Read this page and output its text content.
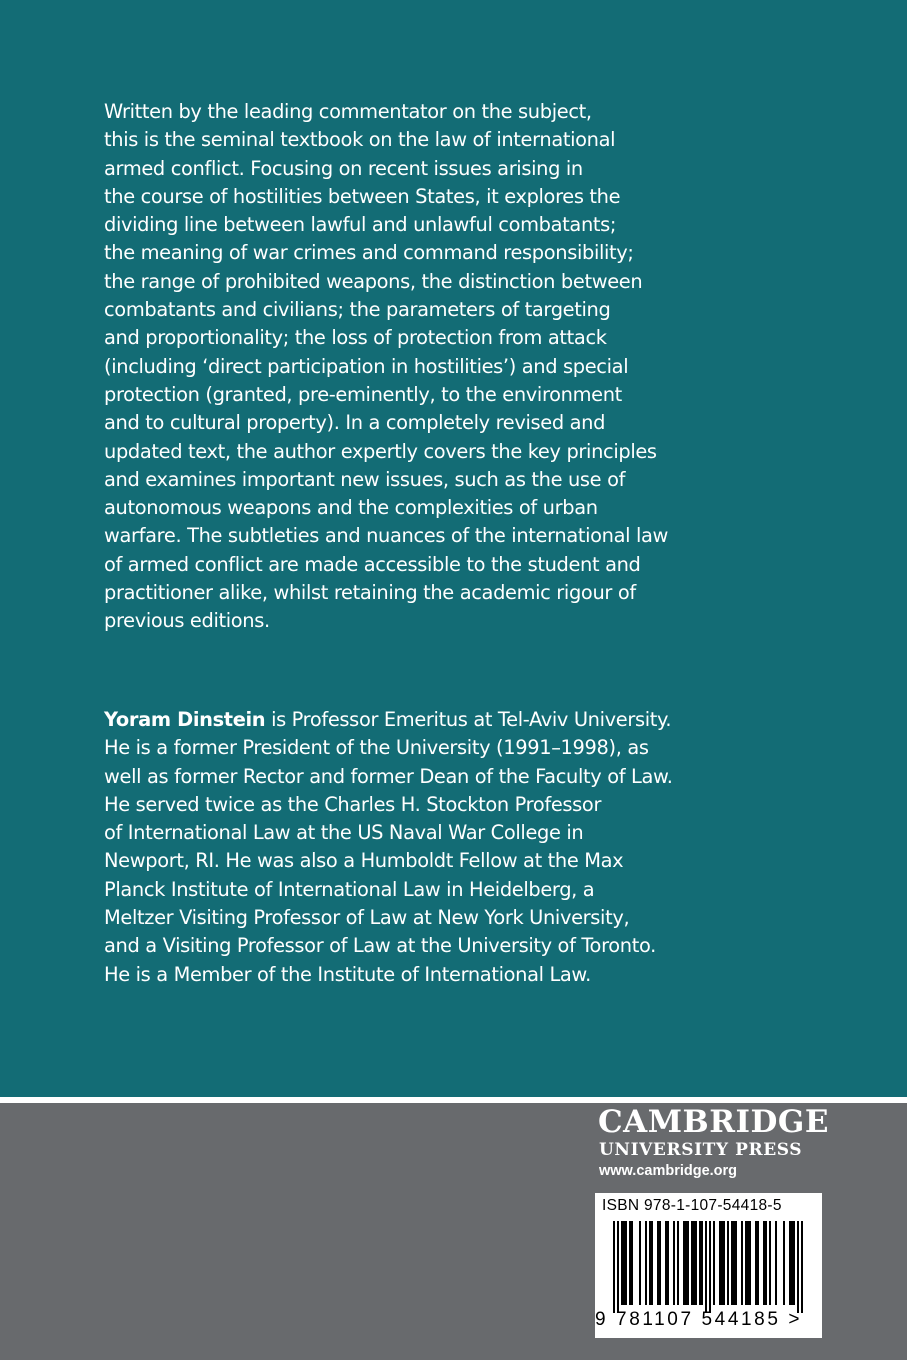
Written by the leading commentator on the subject,
this is the seminal textbook on the law of international
armed conflict. Focusing on recent issues arising in
the course of hostilities between States, it explores the
dividing line between lawful and unlawful combatants;
the meaning of war crimes and command responsibility;
the range of prohibited weapons, the distinction between
combatants and civilians; the parameters of targeting
and proportionality; the loss of protection from attack
(including ‘direct participation in hostilities’) and special
protection (granted, pre-eminently, to the environment
and to cultural property). In a completely revised and
updated text, the author expertly covers the key principles
and examines important new issues, such as the use of
autonomous weapons and the complexities of urban
warfare. The subtleties and nuances of the international law
of armed conflict are made accessible to the student and
practitioner alike, whilst retaining the academic rigour of
previous editions.
Yoram Dinstein is Professor Emeritus at Tel-Aviv University.
He is a former President of the University (1991–1998), as
well as former Rector and former Dean of the Faculty of Law.
He served twice as the Charles H. Stockton Professor
of International Law at the US Naval War College in
Newport, RI. He was also a Humboldt Fellow at the Max
Planck Institute of International Law in Heidelberg, a
Meltzer Visiting Professor of Law at New York University,
and a Visiting Professor of Law at the University of Toronto.
He is a Member of the Institute of International Law.
CAMBRIDGE
UNIVERSITY PRESS
www.cambridge.org
ISBN 978-1-107-54418-5
9 781107 544185 >
